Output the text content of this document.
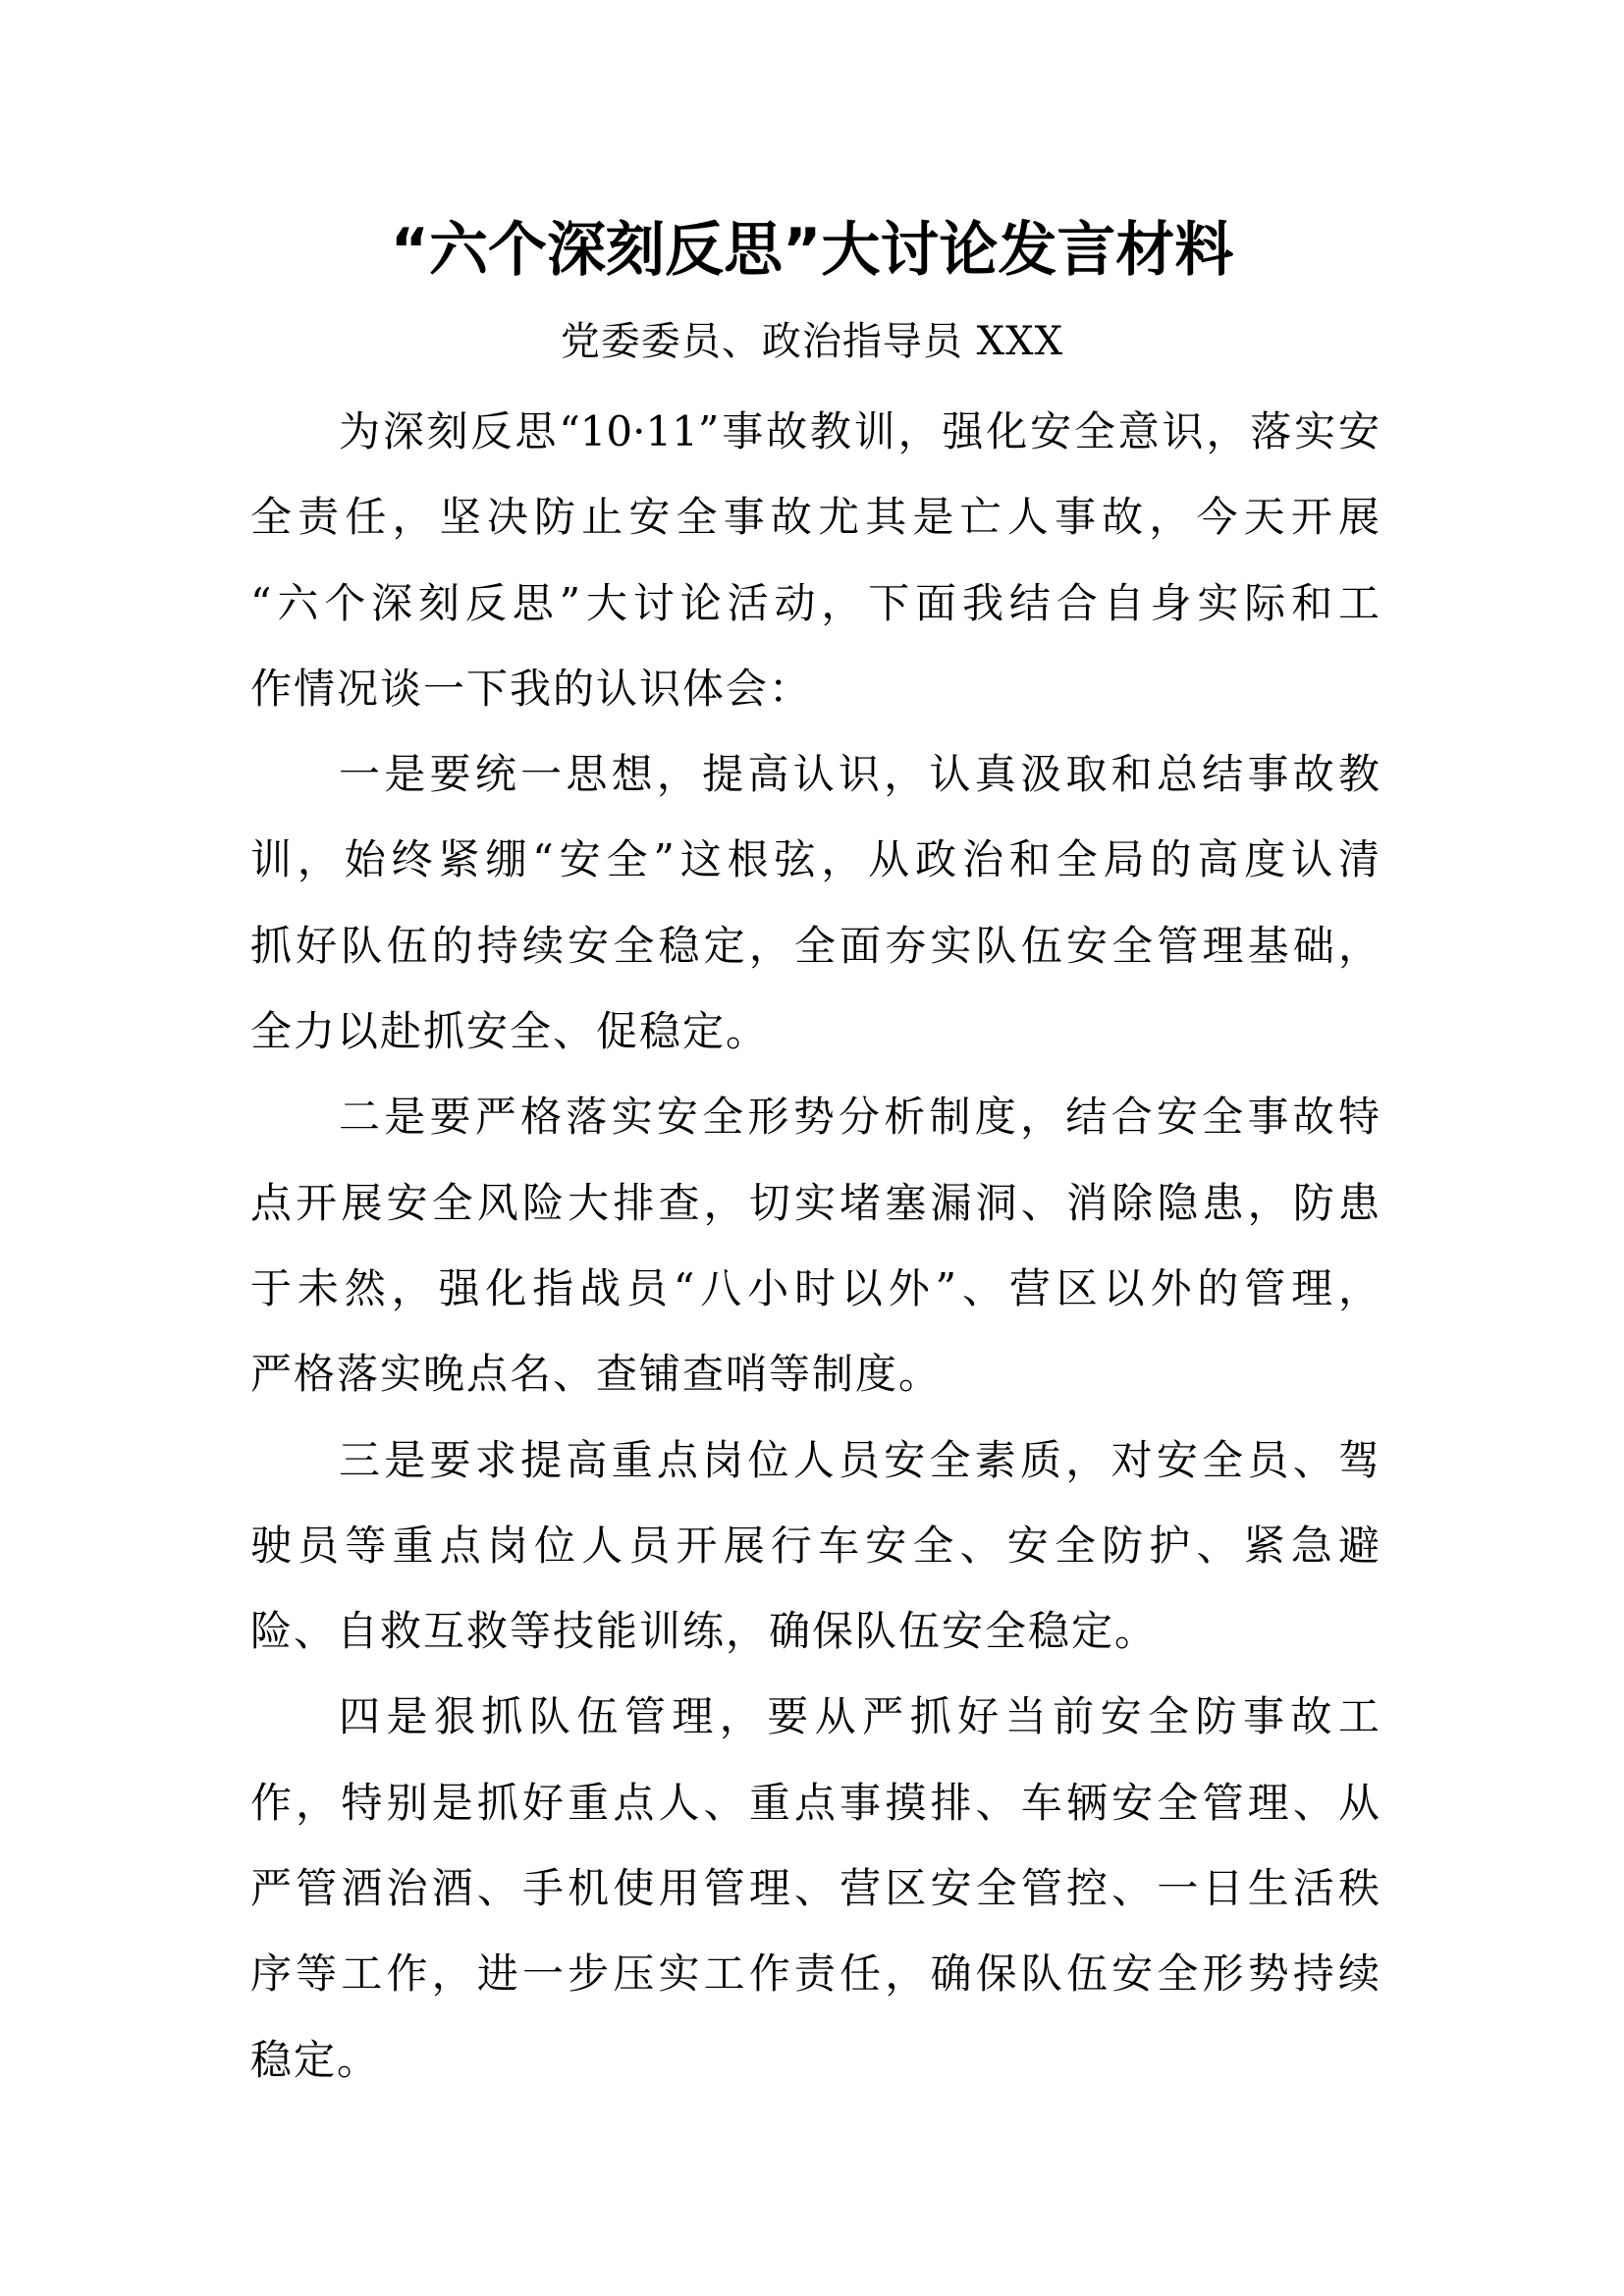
“六个深刻反思”大讨论发言材料
党委委员、政治指导员 XXX
为深刻反思“10·11”事故教训，强化安全意识，落实安
全责任，坚决防止安全事故尤其是亡人事故，今天开展
“六个深刻反思”大讨论活动，下面我结合自身实际和工
作情况谈一下我的认识体会：
一是要统一思想，提高认识，认真汲取和总结事故教
训，始终紧绷“安全”这根弦，从政治和全局的高度认清
抓好队伍的持续安全稳定，全面夯实队伍安全管理基础，
全力以赴抓安全、促稳定。
二是要严格落实安全形势分析制度，结合安全事故特
点开展安全风险大排查，切实堵塞漏洞、消除隐患，防患
于未然，强化指战员“八小时以外”、营区以外的管理，
严格落实晚点名、查铺查哨等制度。
三是要求提高重点岗位人员安全素质，对安全员、驾
驶员等重点岗位人员开展行车安全、安全防护、紧急避
险、自救互救等技能训练，确保队伍安全稳定。
四是狠抓队伍管理，要从严抓好当前安全防事故工
作，特别是抓好重点人、重点事摸排、车辆安全管理、从
严管酒治酒、手机使用管理、营区安全管控、一日生活秩
序等工作，进一步压实工作责任，确保队伍安全形势持续
稳定。
